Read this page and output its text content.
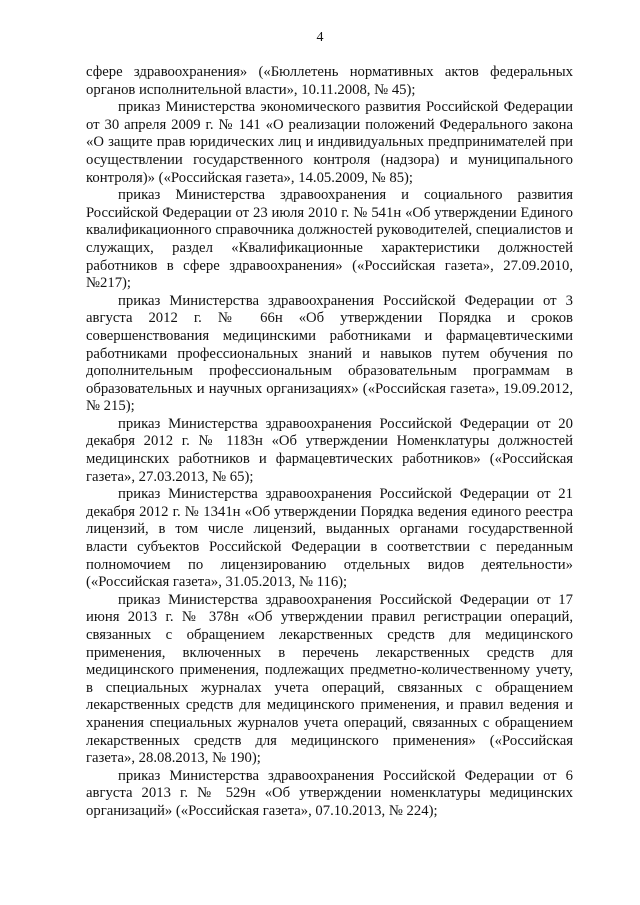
4

сфере здравоохранения» («Бюллетень нормативных актов федеральных органов исполнительной власти», 10.11.2008, № 45);

приказ Министерства экономического развития Российской Федерации от 30 апреля 2009 г. № 141 «О реализации положений Федерального закона «О защите прав юридических лиц и индивидуальных предпринимателей при осуществлении государственного контроля (надзора) и муниципального контроля)» («Российская газета», 14.05.2009, № 85);

приказ Министерства здравоохранения и социального развития Российской Федерации от 23 июля 2010 г. № 541н «Об утверждении Единого квалификационного справочника должностей руководителей, специалистов и служащих, раздел «Квалификационные характеристики должностей работников в сфере здравоохранения» («Российская газета», 27.09.2010, №217);

приказ Министерства здравоохранения Российской Федерации от 3 августа 2012 г. № 66н «Об утверждении Порядка и сроков совершенствования медицинскими работниками и фармацевтическими работниками профессиональных знаний и навыков путем обучения по дополнительным профессиональным образовательным программам в образовательных и научных организациях» («Российская газета», 19.09.2012, № 215);

приказ Министерства здравоохранения Российской Федерации от 20 декабря 2012 г. № 1183н «Об утверждении Номенклатуры должностей медицинских работников и фармацевтических работников» («Российская газета», 27.03.2013, № 65);

приказ Министерства здравоохранения Российской Федерации от 21 декабря 2012 г. № 1341н «Об утверждении Порядка ведения единого реестра лицензий, в том числе лицензий, выданных органами государственной власти субъектов Российской Федерации в соответствии с переданным полномочием по лицензированию отдельных видов деятельности» («Российская газета», 31.05.2013, № 116);

приказ Министерства здравоохранения Российской Федерации от 17 июня 2013 г. № 378н «Об утверждении правил регистрации операций, связанных с обращением лекарственных средств для медицинского применения, включенных в перечень лекарственных средств для медицинского применения, подлежащих предметно-количественному учету, в специальных журналах учета операций, связанных с обращением лекарственных средств для медицинского применения, и правил ведения и хранения специальных журналов учета операций, связанных с обращением лекарственных средств для медицинского применения» («Российская газета», 28.08.2013, № 190);

приказ Министерства здравоохранения Российской Федерации от 6 августа 2013 г. № 529н «Об утверждении номенклатуры медицинских организаций» («Российская газета», 07.10.2013, № 224);
